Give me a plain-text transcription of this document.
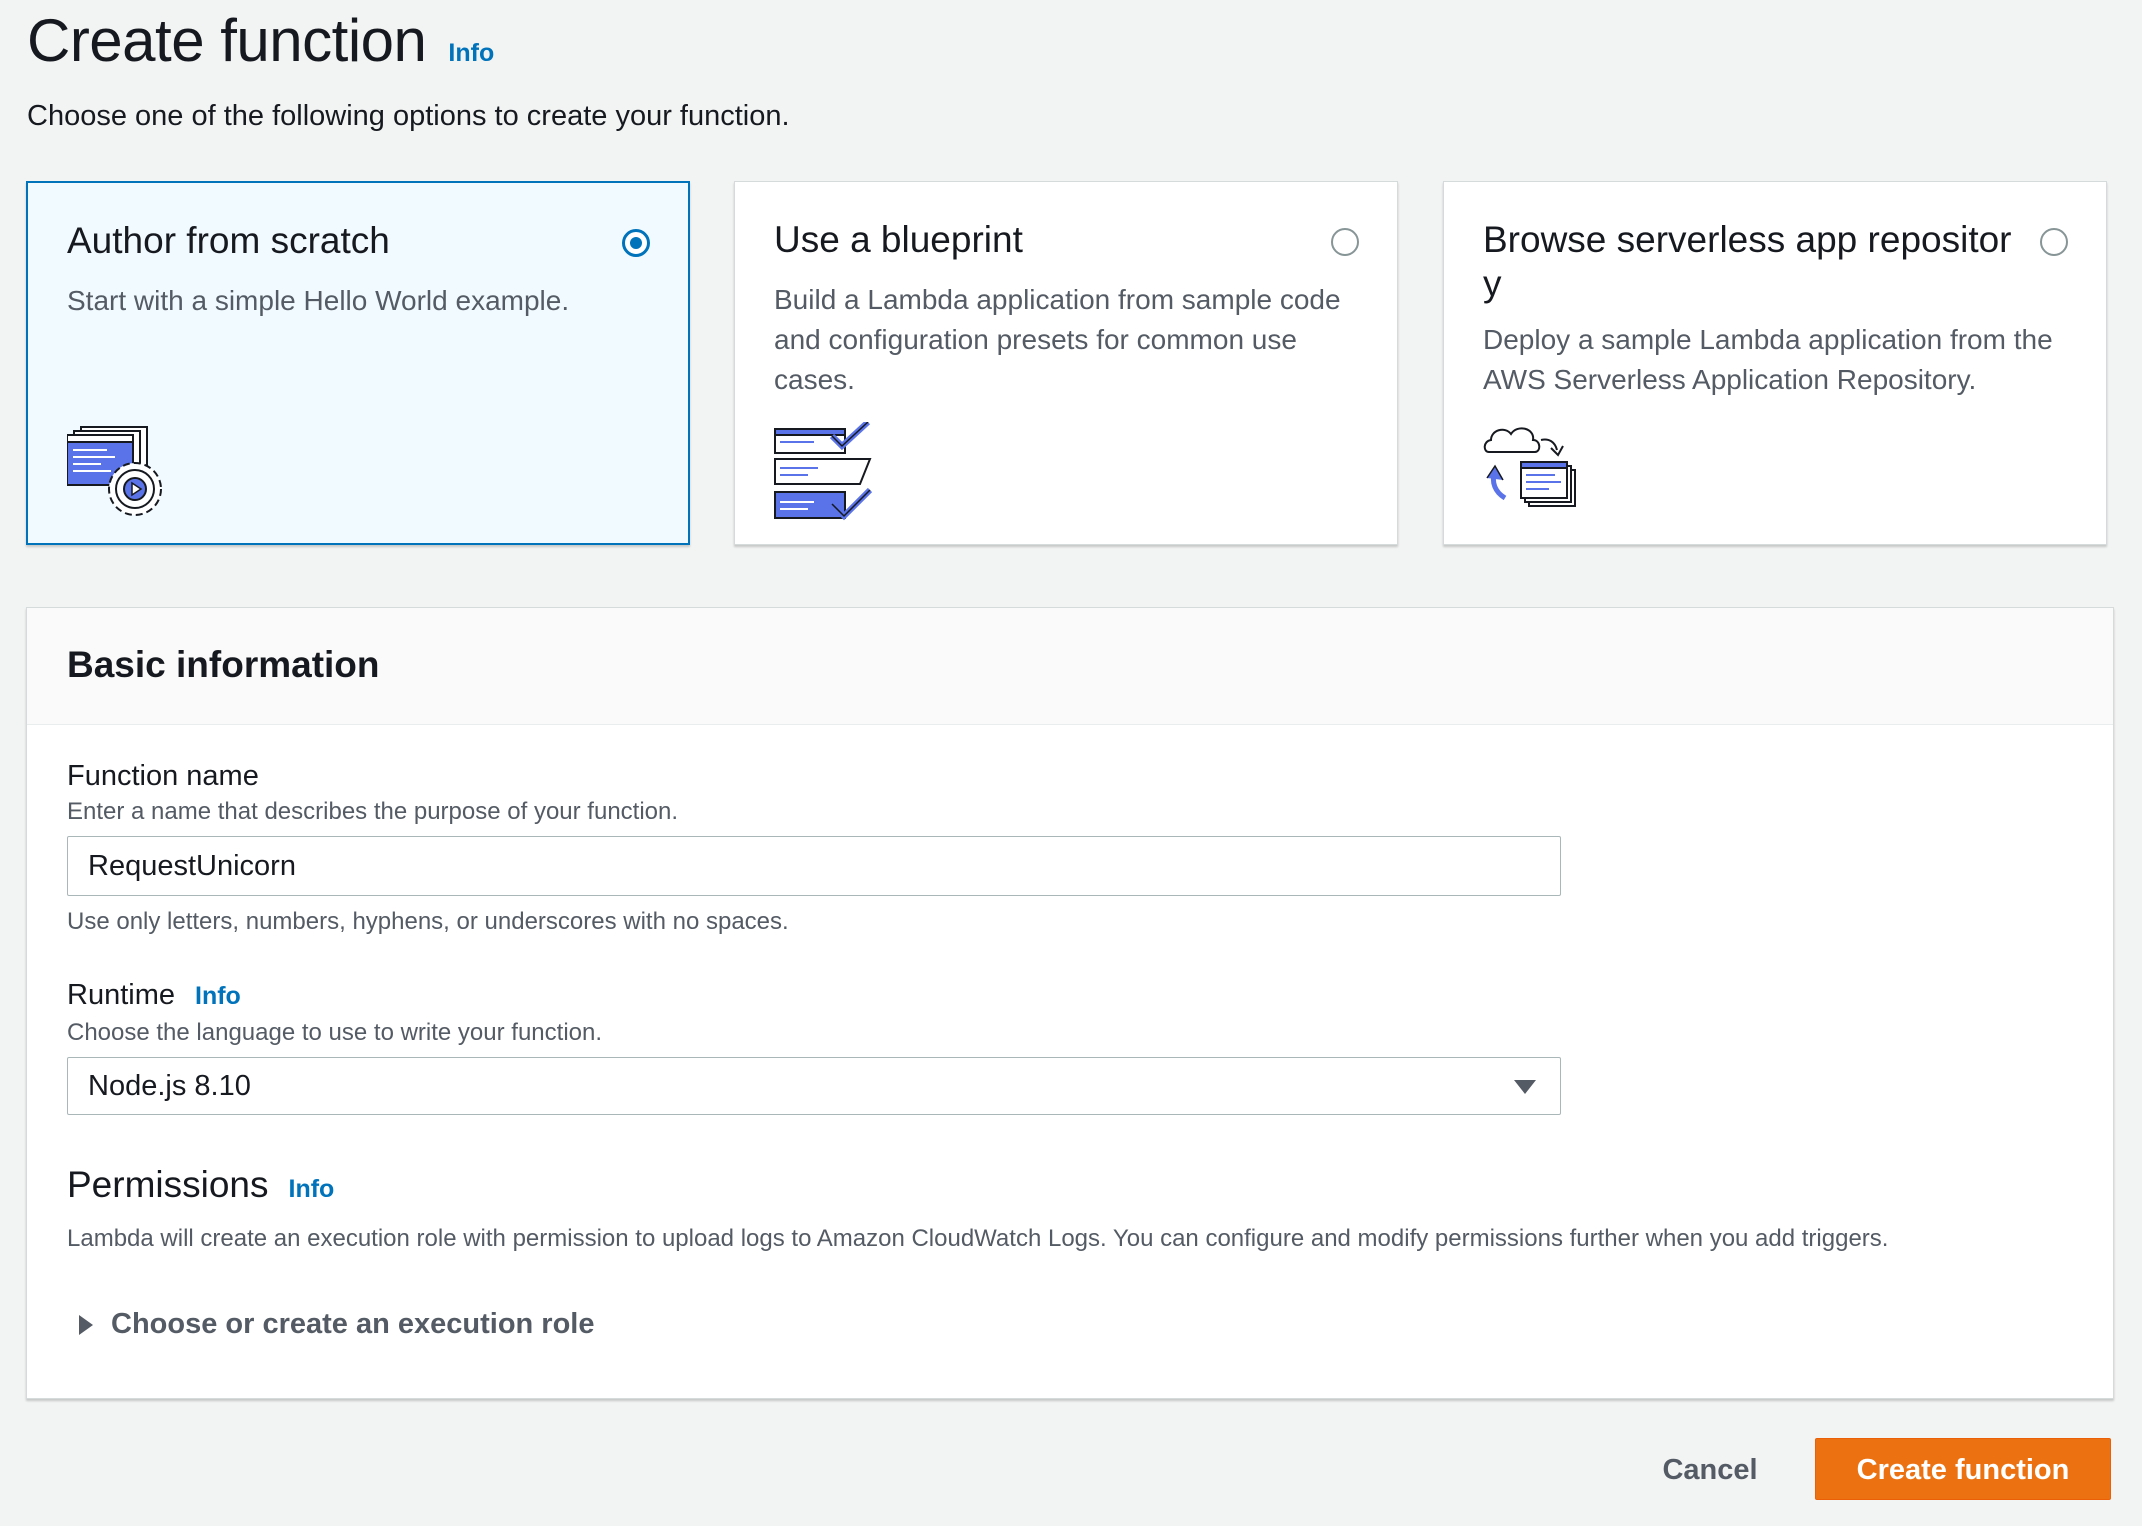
Create function Info
Choose one of the following options to create your function.
Author from scratch
Start with a simple Hello World example.
Use a blueprint
Build a Lambda application from sample code and configuration presets for common use cases.
Browse serverless app repositor y
Deploy a sample Lambda application from the AWS Serverless Application Repository.
Basic information
Function name
Enter a name that describes the purpose of your function.
RequestUnicorn
Use only letters, numbers, hyphens, or underscores with no spaces.
Runtime Info
Choose the language to use to write your function.
Node.js 8.10
Permissions Info
Lambda will create an execution role with permission to upload logs to Amazon CloudWatch Logs. You can configure and modify permissions further when you add triggers.
Choose or create an execution role
Cancel	Create function
